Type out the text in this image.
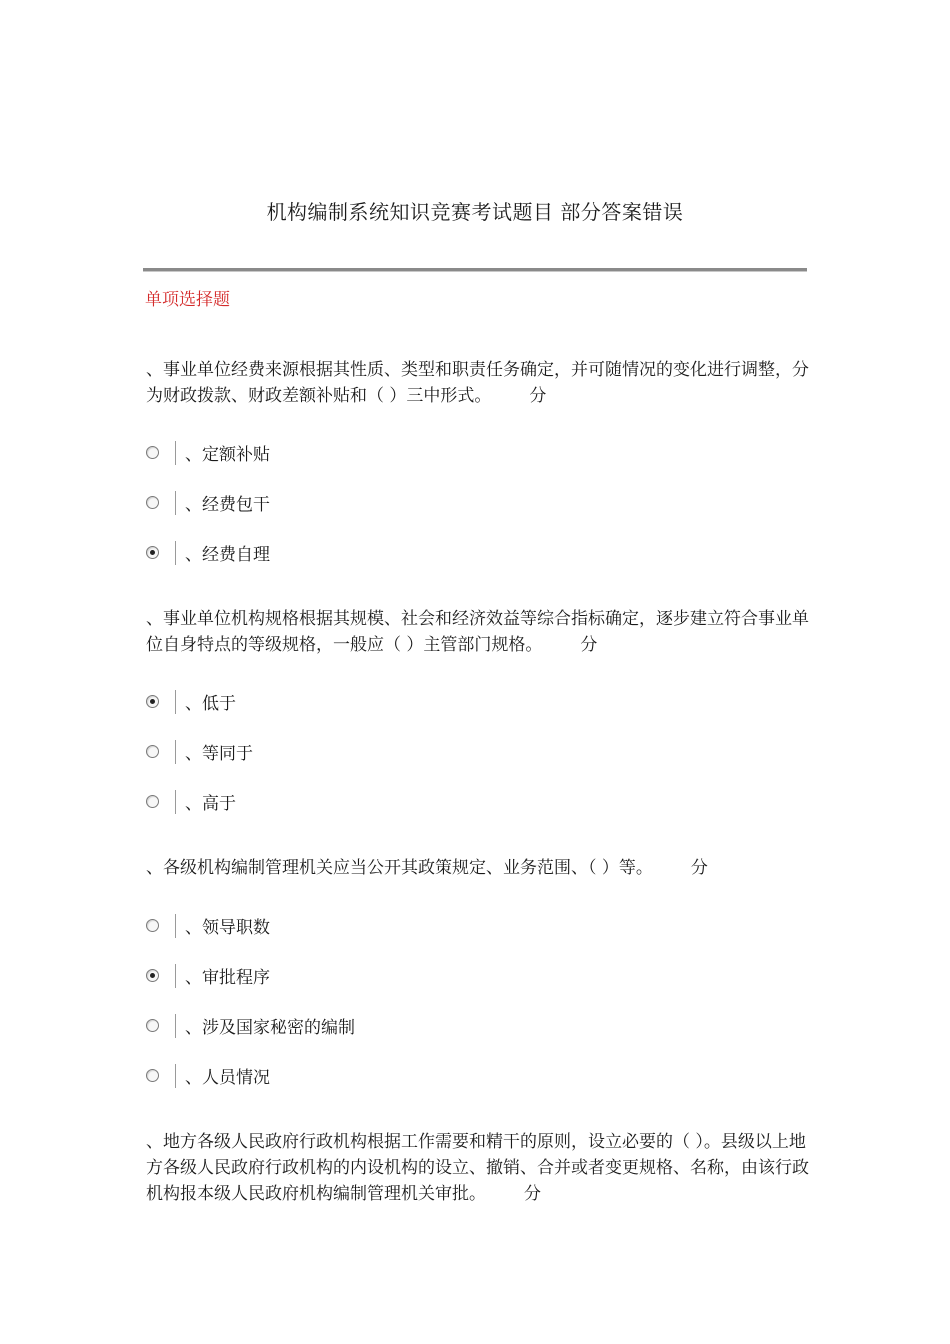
机构编制系统知识竞赛考试题目 部分答案错误
单项选择题
、事业单位经费来源根据其性质、类型和职责任务确定，并可随情况的变化进行调整，分为财政拨款、财政差额补贴和（ ）三中形式。 分
、定额补贴
、经费包干
、经费自理
、事业单位机构规格根据其规模、社会和经济效益等综合指标确定，逐步建立符合事业单位自身特点的等级规格，一般应（ ）主管部门规格。 分
、低于
、等同于
、高于
、各级机构编制管理机关应当公开其政策规定、业务范围、（ ）等。 分
、领导职数
、审批程序
、涉及国家秘密的编制
、人员情况
、地方各级人民政府行政机构根据工作需要和精干的原则，设立必要的（ ）。县级以上地方各级人民政府行政机构的内设机构的设立、撤销、合并或者变更规格、名称，由该行政机构报本级人民政府机构编制管理机关审批。 分
